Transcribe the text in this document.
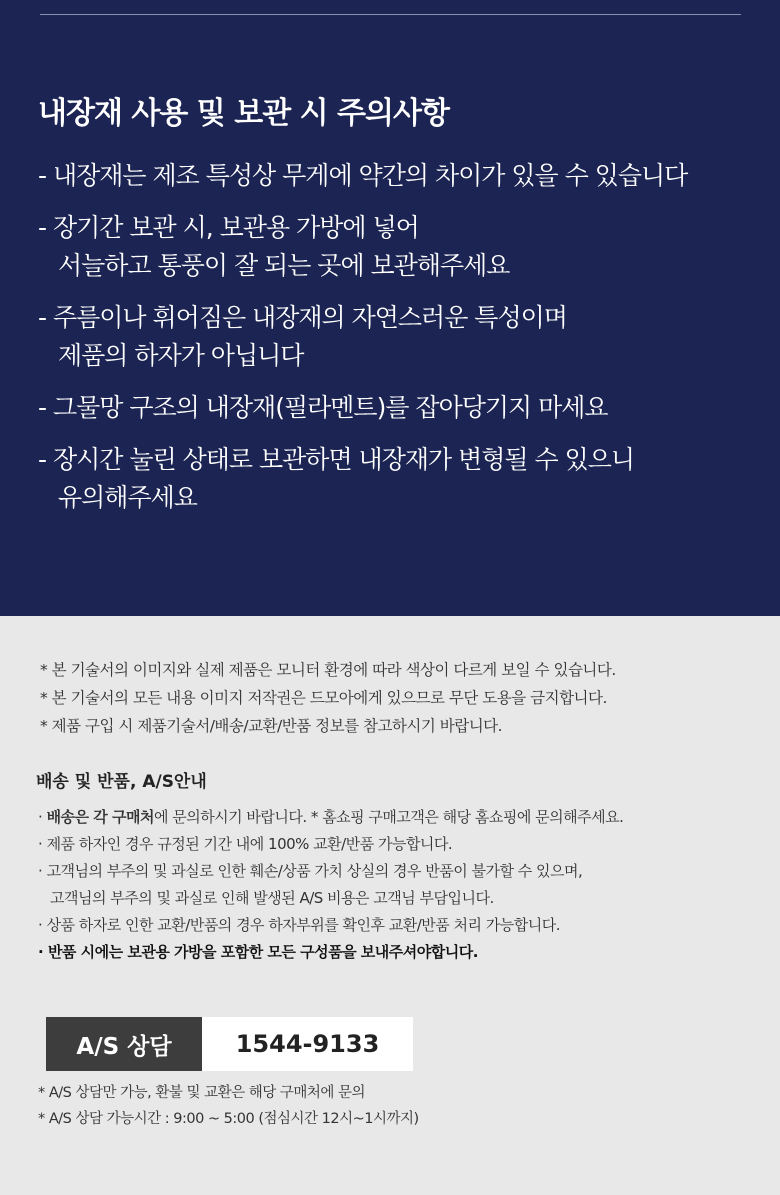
내장재 사용 및 보관 시 주의사항
- 내장재는 제조 특성상 무게에 약간의 차이가 있을 수 있습니다
- 장기간 보관 시, 보관용 가방에 넣어
서늘하고 통풍이 잘 되는 곳에 보관해주세요
- 주름이나 휘어짐은 내장재의 자연스러운 특성이며
제품의 하자가 아닙니다
- 그물망 구조의 내장재(필라멘트)를 잡아당기지 마세요
- 장시간 눌린 상태로 보관하면 내장재가 변형될 수 있으니
유의해주세요
* 본 기술서의 이미지와 실제 제품은 모니터 환경에 따라 색상이 다르게 보일 수 있습니다.
* 본 기술서의 모든 내용 이미지 저작권은 드모아에게 있으므로 무단 도용을 금지합니다.
* 제품 구입 시 제품기술서/배송/교환/반품 정보를 참고하시기 바랍니다.
배송 및 반품, A/S안내
· 배송은 각 구매처에 문의하시기 바랍니다. * 홈쇼핑 구매고객은 해당 홈쇼핑에 문의해주세요.
· 제품 하자인 경우 규정된 기간 내에 100% 교환/반품 가능합니다.
· 고객님의 부주의 및 과실로 인한 훼손/상품 가치 상실의 경우 반품이 불가할 수 있으며,
고객님의 부주의 및 과실로 인해 발생된 A/S 비용은 고객님 부담입니다.
· 상품 하자로 인한 교환/반품의 경우 하자부위를 확인후 교환/반품 처리 가능합니다.
· 반품 시에는 보관용 가방을 포함한 모든 구성품을 보내주셔야합니다.
A/S 상담	1544-9133
* A/S 상담만 가능, 환불 및 교환은 해당 구매처에 문의
* A/S 상담 가능시간 : 9:00 ~ 5:00 (점심시간 12시~1시까지)
